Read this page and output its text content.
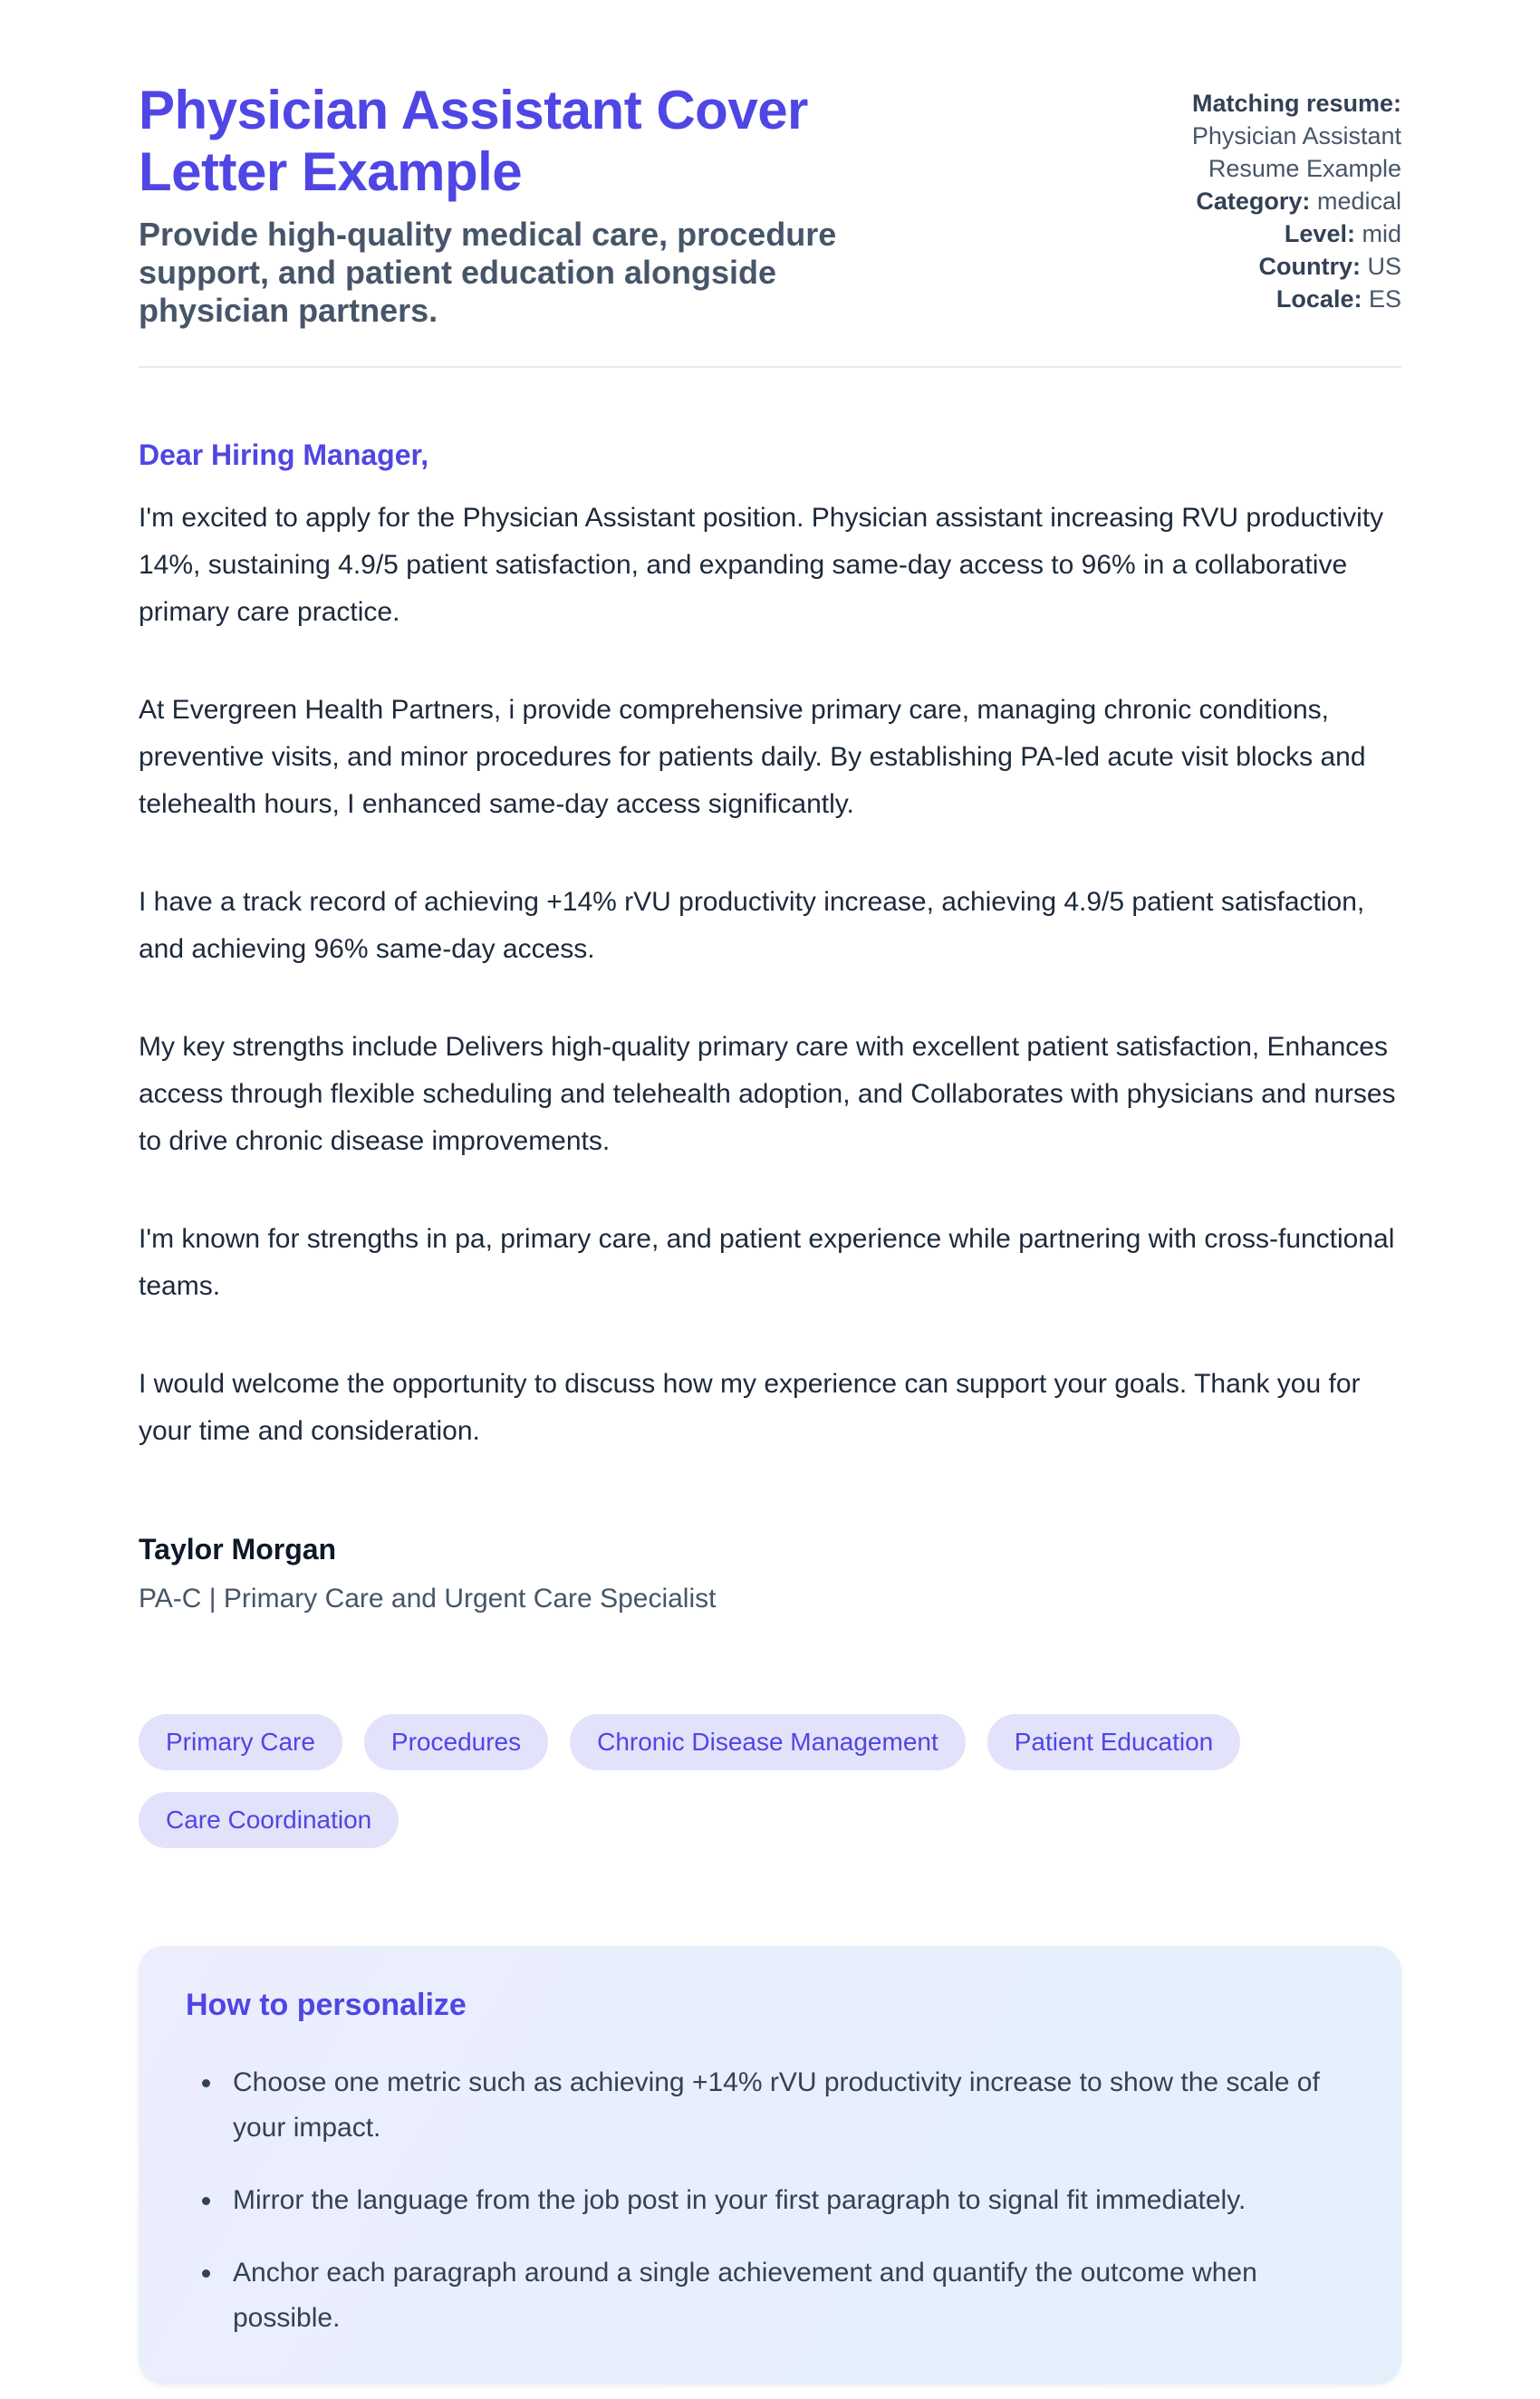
Physician Assistant Cover Letter Example

Provide high-quality medical care, procedure support, and patient education alongside physician partners.

Matching resume:
Physician Assistant Resume Example
Category: medical
Level: mid
Country: US
Locale: ES

Dear Hiring Manager,

I'm excited to apply for the Physician Assistant position. Physician assistant increasing RVU productivity 14%, sustaining 4.9/5 patient satisfaction, and expanding same-day access to 96% in a collaborative primary care practice.

At Evergreen Health Partners, i provide comprehensive primary care, managing chronic conditions, preventive visits, and minor procedures for patients daily. By establishing PA-led acute visit blocks and telehealth hours, I enhanced same-day access significantly.

I have a track record of achieving +14% rVU productivity increase, achieving 4.9/5 patient satisfaction, and achieving 96% same-day access.

My key strengths include Delivers high-quality primary care with excellent patient satisfaction, Enhances access through flexible scheduling and telehealth adoption, and Collaborates with physicians and nurses to drive chronic disease improvements.

I'm known for strengths in pa, primary care, and patient experience while partnering with cross-functional teams.

I would welcome the opportunity to discuss how my experience can support your goals. Thank you for your time and consideration.

Taylor Morgan

PA-C | Primary Care and Urgent Care Specialist

Primary Care	Procedures	Chronic Disease Management	Patient Education
Care Coordination
How to personalize
• Choose one metric such as achieving +14% rVU productivity increase to show the scale of your impact.
• Mirror the language from the job post in your first paragraph to signal fit immediately.
• Anchor each paragraph around a single achievement and quantify the outcome when possible.
